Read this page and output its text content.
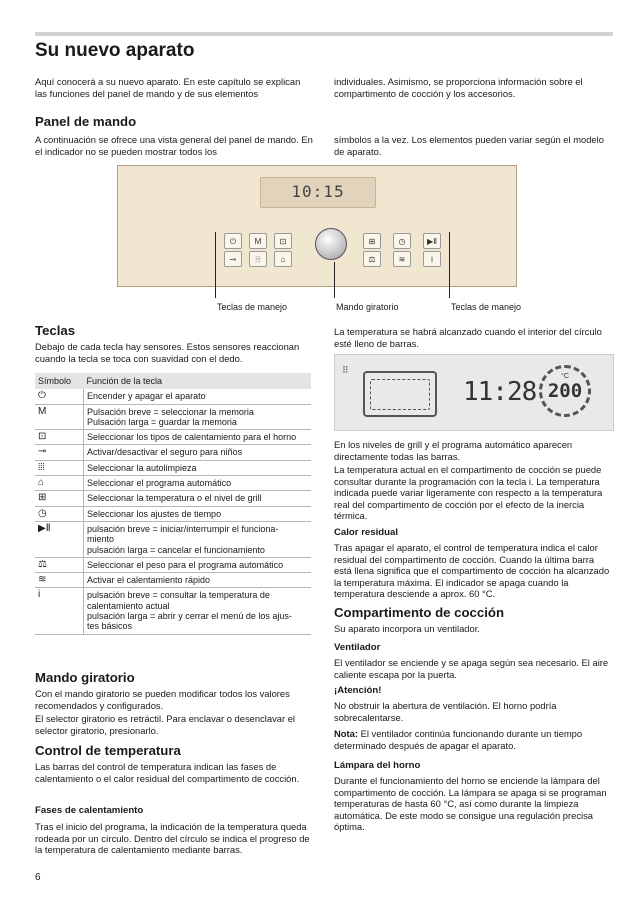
Su nuevo aparato

Aquí conocerá a su nuevo aparato. En este capítulo se explican las funciones del panel de mando y de sus elementos

individuales. Asimismo, se proporciona información sobre el compartimento de cocción y los accesorios.

Panel de mando

A continuación se ofrece una vista general del panel de mando. En el indicador no se pueden mostrar todos los

símbolos a la vez. Los elementos pueden variar según el modelo de aparato.

10:15
⏻	M	⊡
⊸	⦙⦙⦙	⌂
⊞	◷	▶Ⅱ
⚖	≋	i
Teclas de manejo	Mando giratorio	Teclas de manejo
Teclas

Debajo de cada tecla hay sensores. Estos sensores reaccionan cuando la tecla se toca con suavidad con el dedo.

Símbolo	Función de la tecla
⏻	Encender y apagar el aparato
M	Pulsación breve = seleccionar la memoria
Pulsación larga = guardar la memoria
⊡	Seleccionar los tipos de calentamiento para el horno
⊸	Activar/desactivar el seguro para niños
⦙⦙⦙	Seleccionar la autolimpieza
⌂	Seleccionar el programa automático
⊞	Seleccionar la temperatura o el nivel de grill
◷	Seleccionar los ajustes de tiempo
▶Ⅱ	pulsación breve = iniciar/interrumpir el funciona-
miento
pulsación larga = cancelar el funcionamiento
⚖	Seleccionar el peso para el programa automático
≋	Activar el calentamiento rápido
i	pulsación breve = consultar la temperatura de calentamiento actual
pulsación larga = abrir y cerrar el menú de los ajus-
tes básicos
Mando giratorio

Con el mando giratorio se pueden modificar todos los valores recomendados y configurados.

El selector giratorio es retráctil. Para enclavar o desenclavar el selector giratorio, presionarlo.

Control de temperatura

Las barras del control de temperatura indican las fases de calentamiento o el calor residual del compartimento de cocción.

Fases de calentamiento

Tras el inicio del programa, la indicación de la temperatura queda rodeada por un círculo. Dentro del círculo se indica el progreso de la temperatura de calentamiento mediante barras.

La temperatura se habrá alcanzado cuando el interior del círculo esté lleno de barras.

⠿
11:28
°C
200

En los niveles de grill y el programa automático aparecen directamente todas las barras.

La temperatura actual en el compartimento de cocción se puede consultar durante la programación con la tecla i. La temperatura indicada puede variar ligeramente con respecto a la temperatura real del compartimento de cocción por el efecto de la inercia térmica.

Calor residual

Tras apagar el aparato, el control de temperatura indica el calor residual del compartimento de cocción. Cuando la última barra está llena significa que el compartimento de cocción ha alcanzado la temperatura máxima. El indicador se apaga cuando la temperatura desciende a aprox. 60 °C.

Compartimento de cocción

Su aparato incorpora un ventilador.

Ventilador

El ventilador se enciende y se apaga según sea necesario. El aire caliente escapa por la puerta.

¡Atención!

No obstruir la abertura de ventilación. El horno podría sobrecalentarse.

Nota: El ventilador continúa funcionando durante un tiempo determinado después de apagar el aparato.

Lámpara del horno

Durante el funcionamiento del horno se enciende la lámpara del compartimento de cocción. La lámpara se apaga si se programan temperaturas de hasta 60 °C, así como durante la limpieza automática. De este modo se consigue una regulación precisa óptima.

6
